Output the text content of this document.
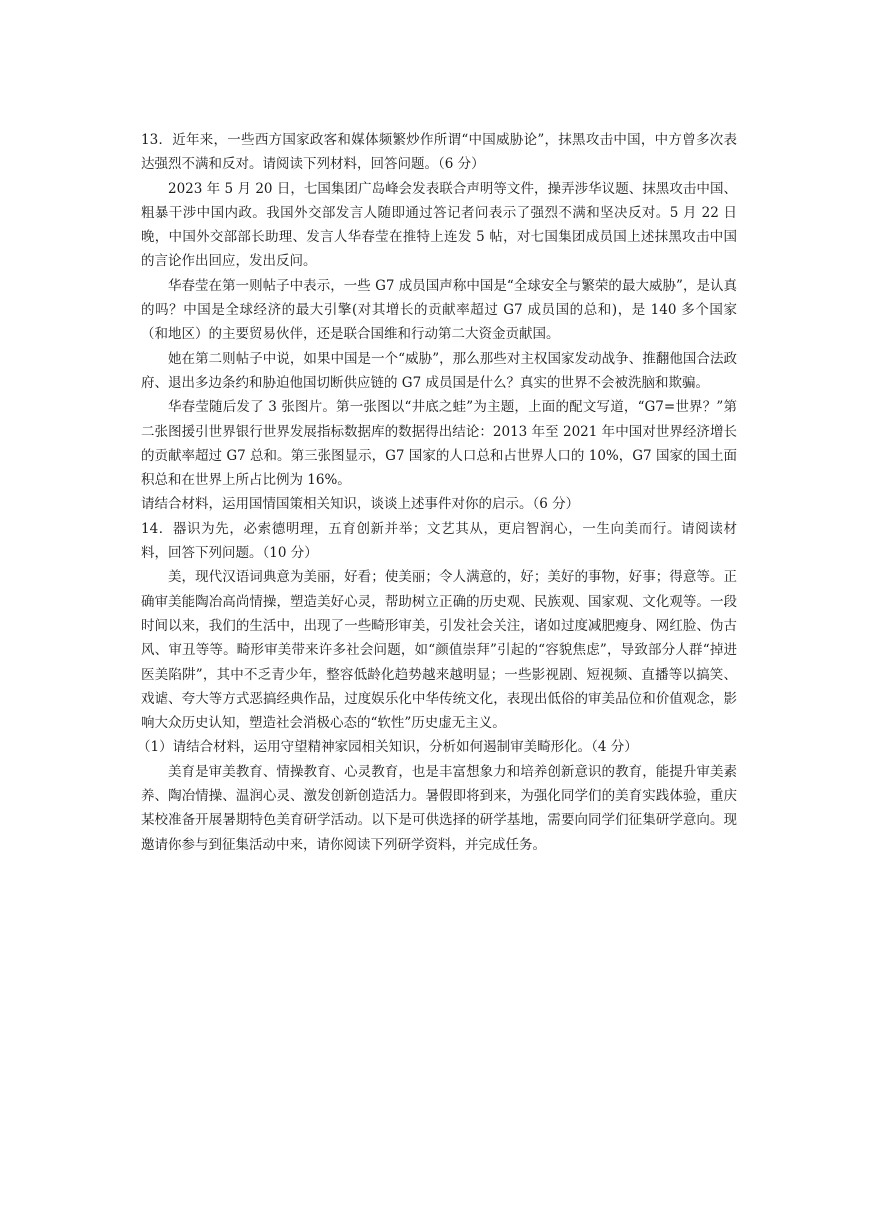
13．近年来，一些西方国家政客和媒体频繁炒作所谓“中国威胁论”，抹黑攻击中国，中方曾多次表达强烈不满和反对。请阅读下列材料，回答问题。（6 分）

2023 年 5 月 20 日，七国集团广岛峰会发表联合声明等文件，操弄涉华议题、抹黑攻击中国、粗暴干涉中国内政。我国外交部发言人随即通过答记者问表示了强烈不满和坚决反对。5 月 22 日晚，中国外交部部长助理、发言人华春莹在推特上连发 5 帖，对七国集团成员国上述抹黑攻击中国的言论作出回应，发出反问。

华春莹在第一则帖子中表示，一些 G7 成员国声称中国是“全球安全与繁荣的最大威胁”，是认真的吗？中国是全球经济的最大引擎(对其增长的贡献率超过 G7 成员国的总和)，是 140 多个国家（和地区）的主要贸易伙伴，还是联合国维和行动第二大资金贡献国。

她在第二则帖子中说，如果中国是一个“威胁”，那么那些对主权国家发动战争、推翻他国合法政府、退出多边条约和胁迫他国切断供应链的 G7 成员国是什么？真实的世界不会被洗脑和欺骗。

华春莹随后发了 3 张图片。第一张图以“井底之蛙”为主题，上面的配文写道，“G7=世界？”第二张图援引世界银行世界发展指标数据库的数据得出结论：2013 年至 2021 年中国对世界经济增长的贡献率超过 G7 总和。第三张图显示，G7 国家的人口总和占世界人口的 10%，G7 国家的国土面积总和在世界上所占比例为 16%。

请结合材料，运用国情国策相关知识，谈谈上述事件对你的启示。（6 分）

14．器识为先，必索德明理，五育创新并举；文艺其从，更启智润心，一生向美而行。请阅读材料，回答下列问题。（10 分）

美，现代汉语词典意为美丽，好看；使美丽；令人满意的，好；美好的事物，好事；得意等。正确审美能陶冶高尚情操，塑造美好心灵，帮助树立正确的历史观、民族观、国家观、文化观等。一段时间以来，我们的生活中，出现了一些畸形审美，引发社会关注，诸如过度减肥瘦身、网红脸、伪古风、审丑等等。畸形审美带来许多社会问题，如“颜值崇拜”引起的“容貌焦虑”，导致部分人群“掉进医美陷阱”，其中不乏青少年，整容低龄化趋势越来越明显；一些影视剧、短视频、直播等以搞笑、戏谑、夸大等方式恶搞经典作品，过度娱乐化中华传统文化，表现出低俗的审美品位和价值观念，影响大众历史认知，塑造社会消极心态的“软性”历史虚无主义。

（1）请结合材料，运用守望精神家园相关知识，分析如何遏制审美畸形化。（4 分）

美育是审美教育、情操教育、心灵教育，也是丰富想象力和培养创新意识的教育，能提升审美素养、陶冶情操、温润心灵、激发创新创造活力。暑假即将到来，为强化同学们的美育实践体验，重庆某校准备开展暑期特色美育研学活动。以下是可供选择的研学基地，需要向同学们征集研学意向。现邀请你参与到征集活动中来，请你阅读下列研学资料，并完成任务。
